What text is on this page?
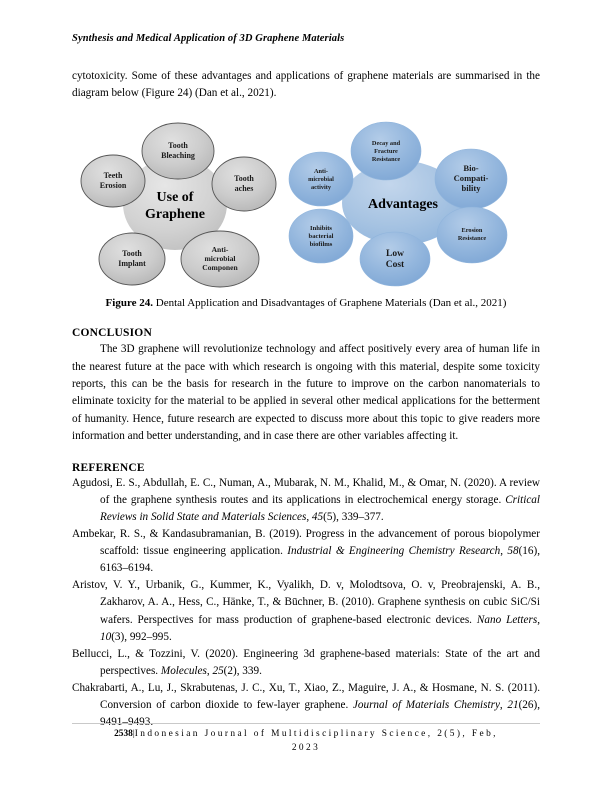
Synthesis and Medical Application of 3D Graphene Materials

cytotoxicity. Some of these advantages and applications of graphene materials are summarised in the diagram below (Figure 24) (Dan et al., 2021).

Tooth
Bleaching
Teeth
Erosion
Tooth
aches
Tooth
Implant
Anti-
microbial
Componen
Use of
Graphene
Decay and
Fracture
Resistance
Anti-
microbial
activity
Bio-
Compati-
bility
Inhibits
bacterial
biofilms
Erosion
Resistance
Low
Cost
Advantages
Figure 24. Dental Application and Disadvantages of Graphene Materials (Dan et al., 2021)
CONCLUSION

The 3D graphene will revolutionize technology and affect positively every area of human life in the nearest future at the pace with which research is ongoing with this material, despite some toxicity reports, this can be the basis for research in the future to improve on the carbon nanomaterials to eliminate toxicity for the material to be applied in several other medical applications for the betterment of humanity. Hence, future research are expected to discuss more about this topic to give readers more information and better understanding, and in case there are other variables affecting it.

REFERENCE

Agudosi, E. S., Abdullah, E. C., Numan, A., Mubarak, N. M., Khalid, M., & Omar, N. (2020). A review of the graphene synthesis routes and its applications in electrochemical energy storage. Critical Reviews in Solid State and Materials Sciences, 45(5), 339–377.

Ambekar, R. S., & Kandasubramanian, B. (2019). Progress in the advancement of porous biopolymer scaffold: tissue engineering application. Industrial & Engineering Chemistry Research, 58(16), 6163–6194.

Aristov, V. Y., Urbanik, G., Kummer, K., Vyalikh, D. v, Molodtsova, O. v, Preobrajenski, A. B., Zakharov, A. A., Hess, C., Hänke, T., & Būchner, B. (2010). Graphene synthesis on cubic SiC/Si wafers. Perspectives for mass production of graphene-based electronic devices. Nano Letters, 10(3), 992–995.

Bellucci, L., & Tozzini, V. (2020). Engineering 3d graphene-based materials: State of the art and perspectives. Molecules, 25(2), 339.

Chakrabarti, A., Lu, J., Skrabutenas, J. C., Xu, T., Xiao, Z., Maguire, J. A., & Hosmane, N. S. (2011). Conversion of carbon dioxide to few-layer graphene. Journal of Materials Chemistry, 21(26), 9491–9493.

2538|Indonesian Journal of Multidisciplinary Science, 2(5), Feb,
2023
